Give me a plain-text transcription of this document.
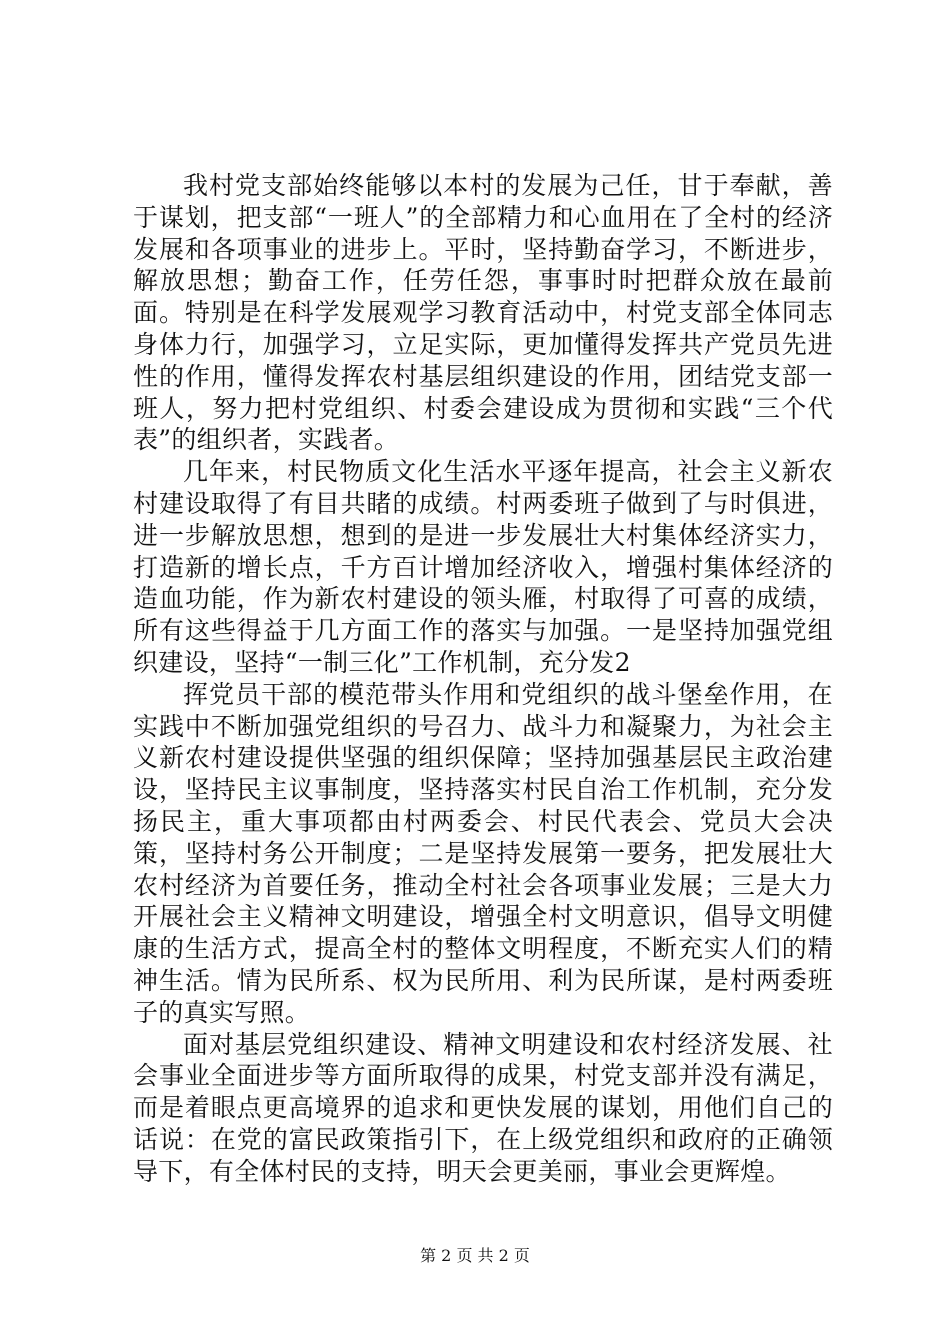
我村党支部始终能够以本村的发展为己任，甘于奉献，善于谋划，把支部“一班人”的全部精力和心血用在了全村的经济发展和各项事业的进步上。平时，坚持勤奋学习，不断进步，解放思想；勤奋工作，任劳任怨，事事时时把群众放在最前面。特别是在科学发展观学习教育活动中，村党支部全体同志身体力行，加强学习，立足实际，更加懂得发挥共产党员先进性的作用，懂得发挥农村基层组织建设的作用，团结党支部一班人，努力把村党组织、村委会建设成为贯彻和实践“三个代表”的组织者，实践者。

几年来，村民物质文化生活水平逐年提高，社会主义新农村建设取得了有目共睹的成绩。村两委班子做到了与时俱进，进一步解放思想，想到的是进一步发展壮大村集体经济实力，打造新的增长点，千方百计增加经济收入，增强村集体经济的造血功能，作为新农村建设的领头雁，村取得了可喜的成绩，所有这些得益于几方面工作的落实与加强。一是坚持加强党组织建设，坚持“一制三化”工作机制，充分发2

挥党员干部的模范带头作用和党组织的战斗堡垒作用，在实践中不断加强党组织的号召力、战斗力和凝聚力，为社会主义新农村建设提供坚强的组织保障；坚持加强基层民主政治建设，坚持民主议事制度，坚持落实村民自治工作机制，充分发扬民主，重大事项都由村两委会、村民代表会、党员大会决策，坚持村务公开制度；二是坚持发展第一要务，把发展壮大农村经济为首要任务，推动全村社会各项事业发展；三是大力开展社会主义精神文明建设，增强全村文明意识，倡导文明健康的生活方式，提高全村的整体文明程度，不断充实人们的精神生活。情为民所系、权为民所用、利为民所谋，是村两委班子的真实写照。

面对基层党组织建设、精神文明建设和农村经济发展、社会事业全面进步等方面所取得的成果，村党支部并没有满足，而是着眼点更高境界的追求和更快发展的谋划，用他们自己的话说：在党的富民政策指引下，在上级党组织和政府的正确领导下，有全体村民的支持，明天会更美丽，事业会更辉煌。

第 2 页 共 2 页
